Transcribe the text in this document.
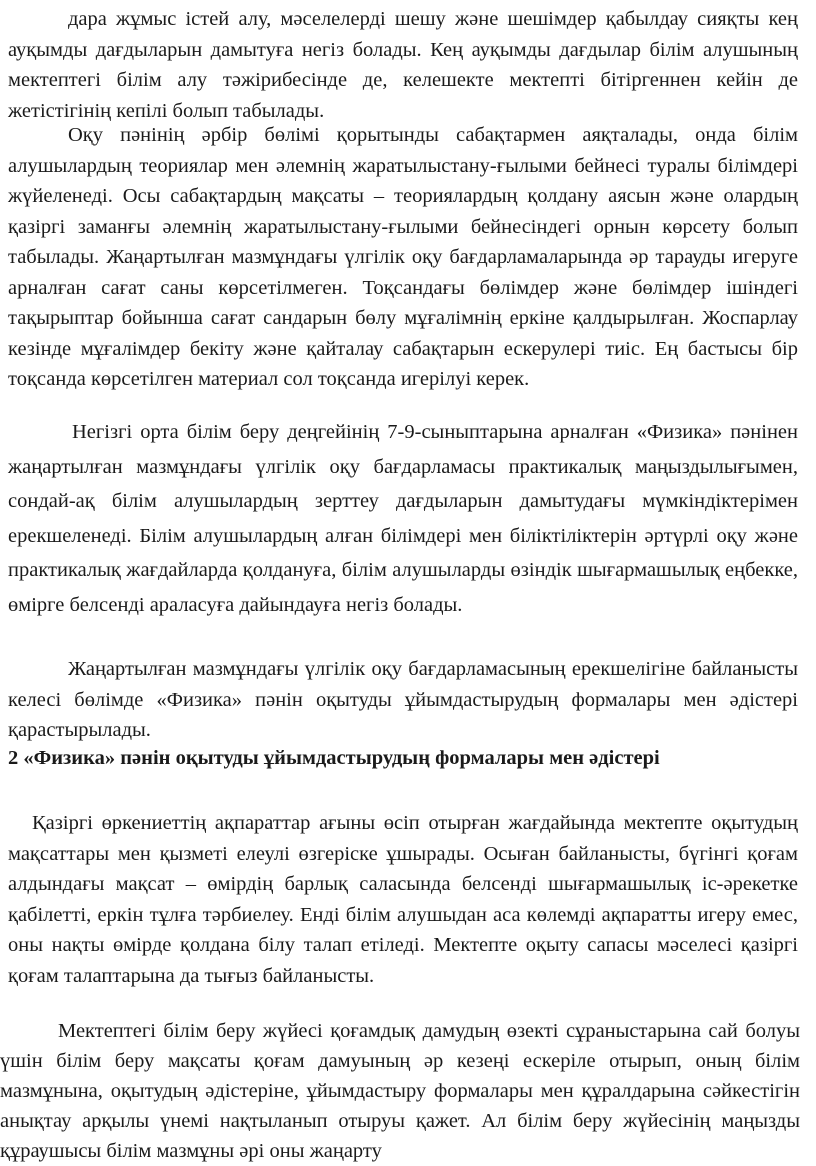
дара жұмыс істей алу, мәселелерді шешу және шешімдер қабылдау сияқты кең ауқымды дағдыларын дамытуға негіз болады. Кең ауқымды дағдылар білім алушының мектептегі білім алу тәжірибесінде де, келешекте мектепті бітіргеннен кейін де жетістігінің кепілі болып табылады.

Оқу пәнінің әрбір бөлімі қорытынды сабақтармен аяқталады, онда білім алушылардың теориялар мен әлемнің жаратылыстану-ғылыми бейнесі туралы білімдері жүйеленеді. Осы сабақтардың мақсаты – теориялардың қолдану аясын және олардың қазіргі заманғы әлемнің жаратылыстану-ғылыми бейнесіндегі орнын көрсету болып табылады. Жаңартылған мазмұндағы үлгілік оқу бағдарламаларында әр тарауды игеруге арналған сағат саны көрсетілмеген. Тоқсандағы бөлімдер және бөлімдер ішіндегі тақырыптар бойынша сағат сандарын бөлу мұғалімнің еркіне қалдырылған. Жоспарлау кезінде мұғалімдер бекіту және қайталау сабақтарын ескерулері тиіс. Ең бастысы бір тоқсанда көрсетілген материал сол тоқсанда игерілуі керек.

Негізгі орта білім беру деңгейінің 7-9-сыныптарына арналған «Физика» пәнінен жаңартылған мазмұндағы үлгілік оқу бағдарламасы практикалық маңыздылығымен, сондай-ақ білім алушылардың зерттеу дағдыларын дамытудағы мүмкіндіктерімен ерекшеленеді. Білім алушылардың алған білімдері мен біліктіліктерін әртүрлі оқу және практикалық жағдайларда қолдануға, білім алушыларды өзіндік шығармашылық еңбекке, өмірге белсенді араласуға дайындауға негіз болады.

Жаңартылған мазмұндағы үлгілік оқу бағдарламасының ерекшелігіне байланысты келесі бөлімде «Физика» пәнін оқытуды ұйымдастырудың формалары мен әдістері қарастырылады.

2 «Физика» пәнін оқытуды ұйымдастырудың формалары мен әдістері

Қазіргі өркениеттің ақпараттар ағыны өсіп отырған жағдайында мектепте оқытудың мақсаттары мен қызметі елеулі өзгеріске ұшырады. Осыған байланысты, бүгінгі қоғам алдындағы мақсат – өмірдің барлық саласында белсенді шығармашылық іс-әрекетке қабілетті, еркін тұлға тәрбиелеу. Енді білім алушыдан аса көлемді ақпаратты игеру емес, оны нақты өмірде қолдана білу талап етіледі. Мектепте оқыту сапасы мәселесі қазіргі қоғам талаптарына да тығыз байланысты.

Мектептегі білім беру жүйесі қоғамдық дамудың өзекті сұраныстарына сай болуы үшін білім беру мақсаты қоғам дамуының әр кезеңі ескеріле отырып, оның білім мазмұнына, оқытудың әдістеріне, ұйымдастыру формалары мен құралдарына сәйкестігін анықтау арқылы үнемі нақтыланып отыруы қажет. Ал білім беру жүйесінің маңызды құраушысы білім мазмұны әрі оны жаңарту
